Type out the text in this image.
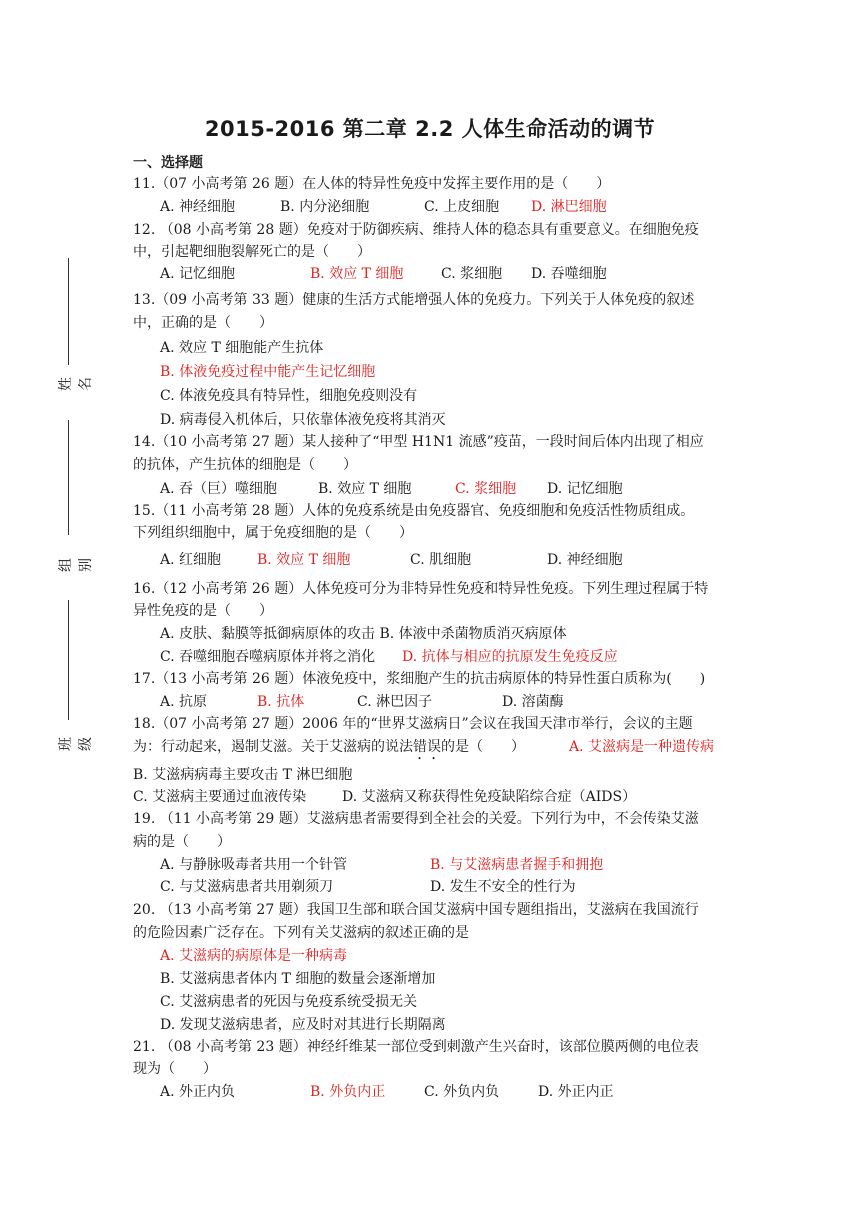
姓名
组别
班级
2015-2016 第二章 2.2 人体生命活动的调节
一、选择题
11.（07 小高考第 26 题）在人体的特异性免疫中发挥主要作用的是（　　）
A. 神经细胞	B. 内分泌细胞	C. 上皮细胞 D. 淋巴细胞
12. （08 小高考第 28 题）免疫对于防御疾病、维持人体的稳态具有重要意义。在细胞免疫
中，引起靶细胞裂解死亡的是（　　）
A. 记忆细胞	B. 效应 T 细胞	C. 浆细胞 D. 吞噬细胞
13.（09 小高考第 33 题）健康的生活方式能增强人体的免疫力。下列关于人体免疫的叙述
中，正确的是（　　）
A. 效应 T 细胞能产生抗体
B. 体液免疫过程中能产生记忆细胞
C. 体液免疫具有特异性，细胞免疫则没有
D. 病毒侵入机体后，只依靠体液免疫将其消灭
14.（10 小高考第 27 题）某人接种了“甲型 H1N1 流感”疫苗，一段时间后体内出现了相应
的抗体，产生抗体的细胞是（　　）
A. 吞（巨）噬细胞	B. 效应 T 细胞	C. 浆细胞 D. 记忆细胞
15.（11 小高考第 28 题）人体的免疫系统是由免疫器官、免疫细胞和免疫活性物质组成。
下列组织细胞中，属于免疫细胞的是（　　）
A. 红细胞	B. 效应 T 细胞	C. 肌细胞	D. 神经细胞
16.（12 小高考第 26 题）人体免疫可分为非特异性免疫和特异性免疫。下列生理过程属于特
异性免疫的是（　　）
A. 皮肤、黏膜等抵御病原体的攻击 B. 体液中杀菌物质消灭病原体
C. 吞噬细胞吞噬病原体并将之消化 D. 抗体与相应的抗原发生免疫反应
17.（13 小高考第 26 题）体液免疫中，浆细胞产生的抗击病原体的特异性蛋白质称为(　　)
A. 抗原	B. 抗体	C. 淋巴因子	D. 溶菌酶
18.（07 小高考第 27 题）2006 年的“世界艾滋病日”会议在我国天津市举行，会议的主题
为：行动起来，遏制艾滋。关于艾滋病的说法错误的是（　　）	A. 艾滋病是一种遗传病
B. 艾滋病病毒主要攻击 T 淋巴细胞
C. 艾滋病主要通过血液传染	D. 艾滋病又称获得性免疫缺陷综合症（AIDS）
19. （11 小高考第 29 题）艾滋病患者需要得到全社会的关爱。下列行为中，不会传染艾滋
病的是（　　）
A. 与静脉吸毒者共用一个针管	B. 与艾滋病患者握手和拥抱
C. 与艾滋病患者共用剃须刀	D. 发生不安全的性行为
20. （13 小高考第 27 题）我国卫生部和联合国艾滋病中国专题组指出，艾滋病在我国流行
的危险因素广泛存在。下列有关艾滋病的叙述正确的是
A. 艾滋病的病原体是一种病毒
B. 艾滋病患者体内 T 细胞的数量会逐渐增加
C. 艾滋病患者的死因与免疫系统受损无关
D. 发现艾滋病患者，应及时对其进行长期隔离
21. （08 小高考第 23 题）神经纤维某一部位受到刺激产生兴奋时，该部位膜两侧的电位表
现为（　　）
A. 外正内负	B. 外负内正	C. 外负内负	D. 外正内正
